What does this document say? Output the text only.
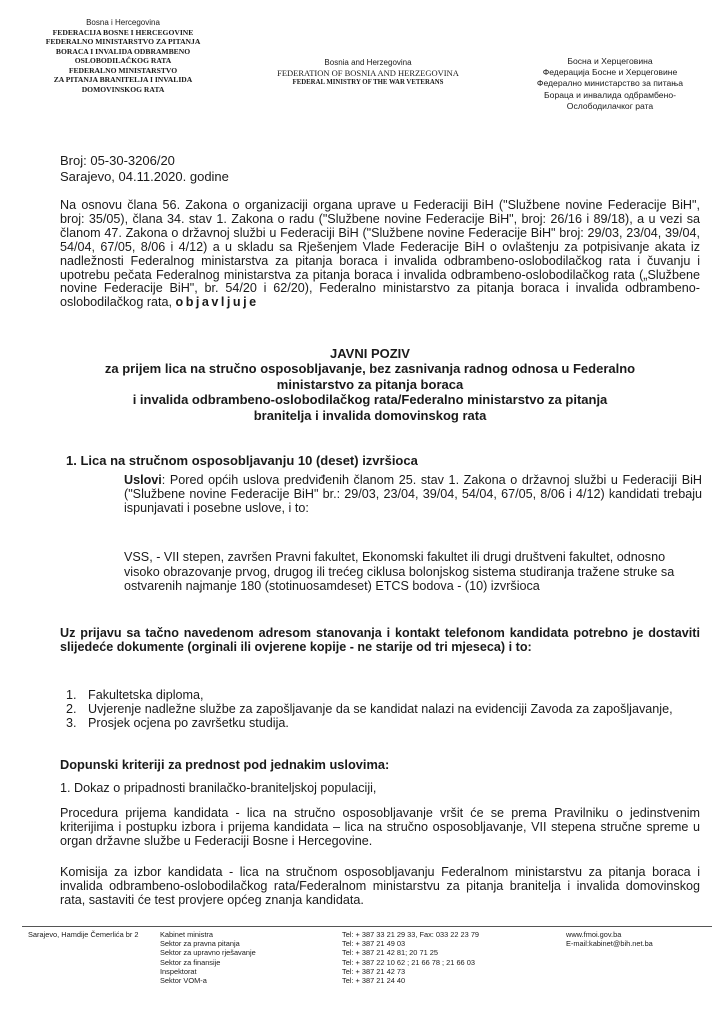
Bosna i Hercegovina
FEDERACIJA BOSNE I HERCEGOVINE
FEDERALNO MINISTARSTVO ZA PITANJA
BORACA I INVALIDA ODBRAMBENO
OSLOBODILAČKOG RATA
FEDERALNO MINISTARSTVO
ZA PITANJA BRANITELJA I INVALIDA
DOMOVINSKOG RATA
Bosnia and Herzegovina
FEDERATION OF BOSNIA AND HERZEGOVINA
FEDERAL MINISTRY OF THE WAR VETERANS
Босна и Херцеговина
Федерација Босне и Херцеговине
Федерално министарство за питања
Бораца и инвалида одбрамбено-
Ослободилачког рата
Broj: 05-30-3206/20
Sarajevo, 04.11.2020. godine

Na osnovu člana 56. Zakona o organizaciji organa uprave u Federaciji BiH ("Službene novine Federacije BiH", broj: 35/05), člana 34. stav 1. Zakona o radu ("Službene novine Federacije BiH", broj: 26/16 i 89/18), a u vezi sa članom 47. Zakona o državnoj službi u Federaciji BiH ("Službene novine Federacije BiH" broj: 29/03, 23/04, 39/04, 54/04, 67/05, 8/06 i 4/12) a u skladu sa Rješenjem Vlade Federacije BiH o ovlaštenju za potpisivanje akata iz nadležnosti Federalnog ministarstva za pitanja boraca i invalida odbrambeno-oslobodilačkog rata i čuvanju i upotrebu pečata Federalnog ministarstva za pitanja boraca i invalida odbrambeno-oslobodilačkog rata („Službene novine Federacije BiH", br. 54/20 i 62/20), Federalno ministarstvo za pitanja boraca i invalida odbrambeno-oslobodilačkog rata, objavljuje

JAVNI POZIV
za prijem lica na stručno osposobljavanje, bez zasnivanja radnog odnosa u Federalno
ministarstvo za pitanja boraca
i invalida odbrambeno-oslobodilačkog rata/Federalno ministarstvo za pitanja
branitelja i invalida domovinskog rata
1. Lica na stručnom osposobljavanju 10 (deset) izvršioca

Uslovi: Pored općih uslova predviđenih članom 25. stav 1. Zakona o državnoj službi u Federaciji BiH ("Službene novine Federacije BiH" br.: 29/03, 23/04, 39/04, 54/04, 67/05, 8/06 i 4/12) kandidati trebaju ispunjavati i posebne uslove, i to:

VSS, - VII stepen, završen Pravni fakultet, Ekonomski fakultet ili drugi društveni fakultet, odnosno visoko obrazovanje prvog, drugog ili trećeg ciklusa bolonjskog sistema studiranja tražene struke sa ostvarenih najmanje 180 (stotinuosamdeset) ETCS bodova - (10) izvršioca

Uz prijavu sa tačno navedenom adresom stanovanja i kontakt telefonom kandidata potrebno je dostaviti slijedeće dokumente (orginali ili ovjerene kopije - ne starije od tri mjeseca) i to:

1. Fakultetska diploma,
2. Uvjerenje nadležne službe za zapošljavanje da se kandidat nalazi na evidenciji Zavoda za zapošljavanje,
3. Prosjek ocjena po završetku studija.
Dopunski kriteriji za prednost pod jednakim uslovima:
1. Dokaz o pripadnosti branilačko-braniteljskoj populaciji,

Procedura prijema kandidata - lica na stručno osposobljavanje vršit će se prema Pravilniku o jedinstvenim kriterijima i postupku izbora i prijema kandidata – lica na stručno osposobljavanje, VII stepena stručne spreme u organ državne službe u Federaciji Bosne i Hercegovine.

Komisija za izbor kandidata - lica na stručnom osposobljavanju Federalnom ministarstvu za pitanja boraca i invalida odbrambeno-oslobodilačkog rata/Federalnom ministarstvu za pitanja branitelja i invalida domovinskog rata, sastaviti će test provjere općeg znanja kandidata.

Sarajevo, Hamdije Čemerlića br 2	Kabinet ministra
Sektor za pravna pitanja
Sektor za upravno rješavanje
Sektor za finansije
Inspektorat
Sektor VOM-a
Tel: + 387 33 21 29 33, Fax: 033 22 23 79
Tel: + 387 21 49 03
Tel: + 387 21 42 81; 20 71 25
Tel: + 387 22 10 62 ; 21 66 78 ; 21 66 03
Tel: + 387 21 42 73
Tel: + 387 21 24 40
www.fmoi.gov.ba
E-mail:kabinet@bih.net.ba
